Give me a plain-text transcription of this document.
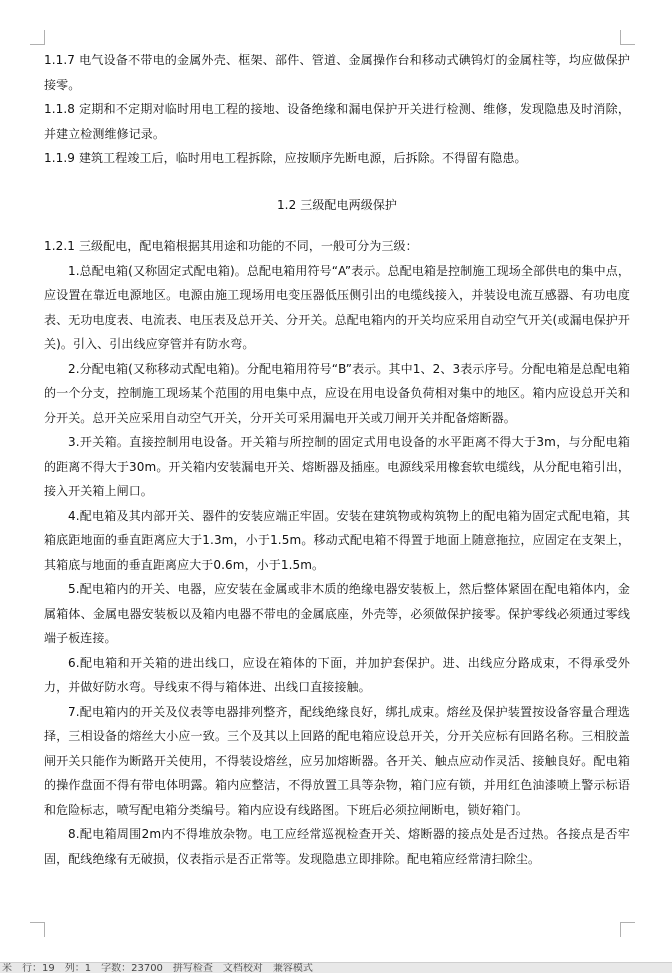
1.1.7 电气设备不带电的金属外壳、框架、部件、管道、金属操作台和移动式碘钨灯的金属柱等，均应做保护接零。

1.1.8 定期和不定期对临时用电工程的接地、设备绝缘和漏电保护开关进行检测、维修，发现隐患及时消除，并建立检测维修记录。

1.1.9 建筑工程竣工后，临时用电工程拆除，应按顺序先断电源，后拆除。不得留有隐患。

1.2 三级配电两级保护

1.2.1 三级配电，配电箱根据其用途和功能的不同，一般可分为三级：

1.总配电箱(又称固定式配电箱)。总配电箱用符号“A”表示。总配电箱是控制施工现场全部供电的集中点，应设置在靠近电源地区。电源由施工现场用电变压器低压侧引出的电缆线接入，并装设电流互感器、有功电度表、无功电度表、电流表、电压表及总开关、分开关。总配电箱内的开关均应采用自动空气开关(或漏电保护开关)。引入、引出线应穿管并有防水弯。

2.分配电箱(又称移动式配电箱)。分配电箱用符号“B”表示。其中1、2、3表示序号。分配电箱是总配电箱的一个分支，控制施工现场某个范围的用电集中点，应设在用电设备负荷相对集中的地区。箱内应设总开关和分开关。总开关应采用自动空气开关，分开关可采用漏电开关或刀闸开关并配备熔断器。

3.开关箱。直接控制用电设备。开关箱与所控制的固定式用电设备的水平距离不得大于3m，与分配电箱的距离不得大于30m。开关箱内安装漏电开关、熔断器及插座。电源线采用橡套软电缆线，从分配电箱引出，接入开关箱上闸口。

4.配电箱及其内部开关、器件的安装应端正牢固。安装在建筑物或构筑物上的配电箱为固定式配电箱，其箱底距地面的垂直距离应大于1.3m，小于1.5m。移动式配电箱不得置于地面上随意拖拉，应固定在支架上，其箱底与地面的垂直距离应大于0.6m，小于1.5m。

5.配电箱内的开关、电器，应安装在金属或非木质的绝缘电器安装板上，然后整体紧固在配电箱体内，金属箱体、金属电器安装板以及箱内电器不带电的金属底座，外壳等，必须做保护接零。保护零线必须通过零线端子板连接。

6.配电箱和开关箱的进出线口，应设在箱体的下面，并加护套保护。进、出线应分路成束，不得承受外力，并做好防水弯。导线束不得与箱体进、出线口直接接触。

7.配电箱内的开关及仪表等电器排列整齐，配线绝缘良好，绑扎成束。熔丝及保护装置按设备容量合理选择，三相设备的熔丝大小应一致。三个及其以上回路的配电箱应设总开关，分开关应标有回路名称。三相胶盖闸开关只能作为断路开关使用，不得装设熔丝，应另加熔断器。各开关、触点应动作灵活、接触良好。配电箱的操作盘面不得有带电体明露。箱内应整洁，不得放置工具等杂物，箱门应有锁，并用红色油漆喷上警示标语和危险标志，喷写配电箱分类编号。箱内应设有线路图。下班后必须拉闸断电，锁好箱门。

8.配电箱周围2m内不得堆放杂物。电工应经常巡视检查开关、熔断器的接点处是否过热。各接点是否牢固，配线绝缘有无破损，仪表指示是否正常等。发现隐患立即排除。配电箱应经常清扫除尘。

米 行：19 列：1 字数：23700 拼写检查 文档校对 兼容模式
